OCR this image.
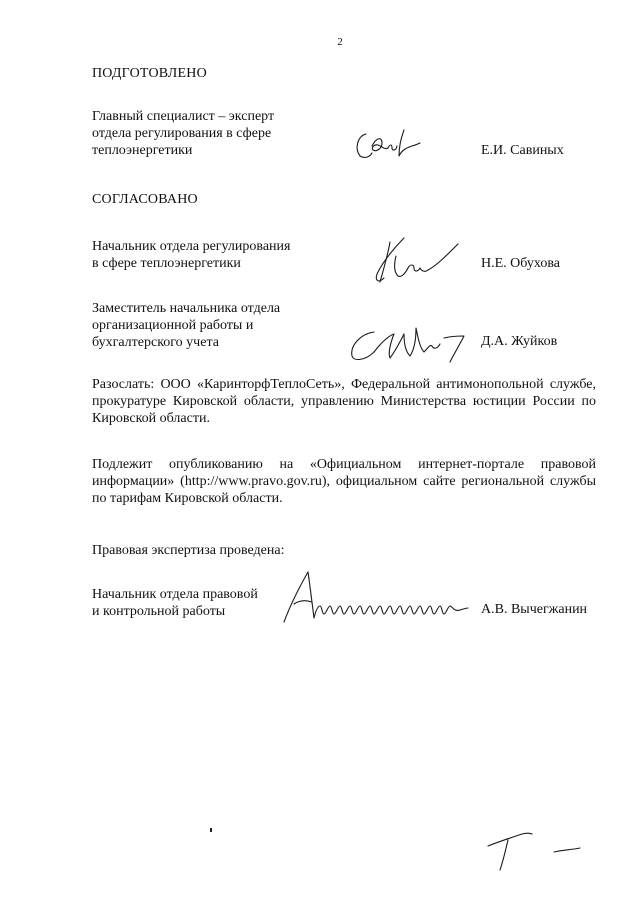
2
ПОДГОТОВЛЕНО
Главный специалист – эксперт
отдела регулирования в сфере
теплоэнергетики	Е.И. Савиных
СОГЛАСОВАНО
Начальник отдела регулирования
в сфере теплоэнергетики	Н.Е. Обухова
Заместитель начальника отдела
организационной работы и
бухгалтерского учета	Д.А. Жуйков
Разослать: ООО «КаринторфТеплоСеть», Федеральной антимонопольной службе, прокуратуре Кировской области, управлению Министерства юстиции России по Кировской области.
Подлежит опубликованию на «Официальном интернет-портале правовой информации» (http://www.pravo.gov.ru), официальном сайте региональной службы по тарифам Кировской области.
Правовая экспертиза проведена:
Начальник отдела правовой
и контрольной работы	А.В. Вычегжанин
